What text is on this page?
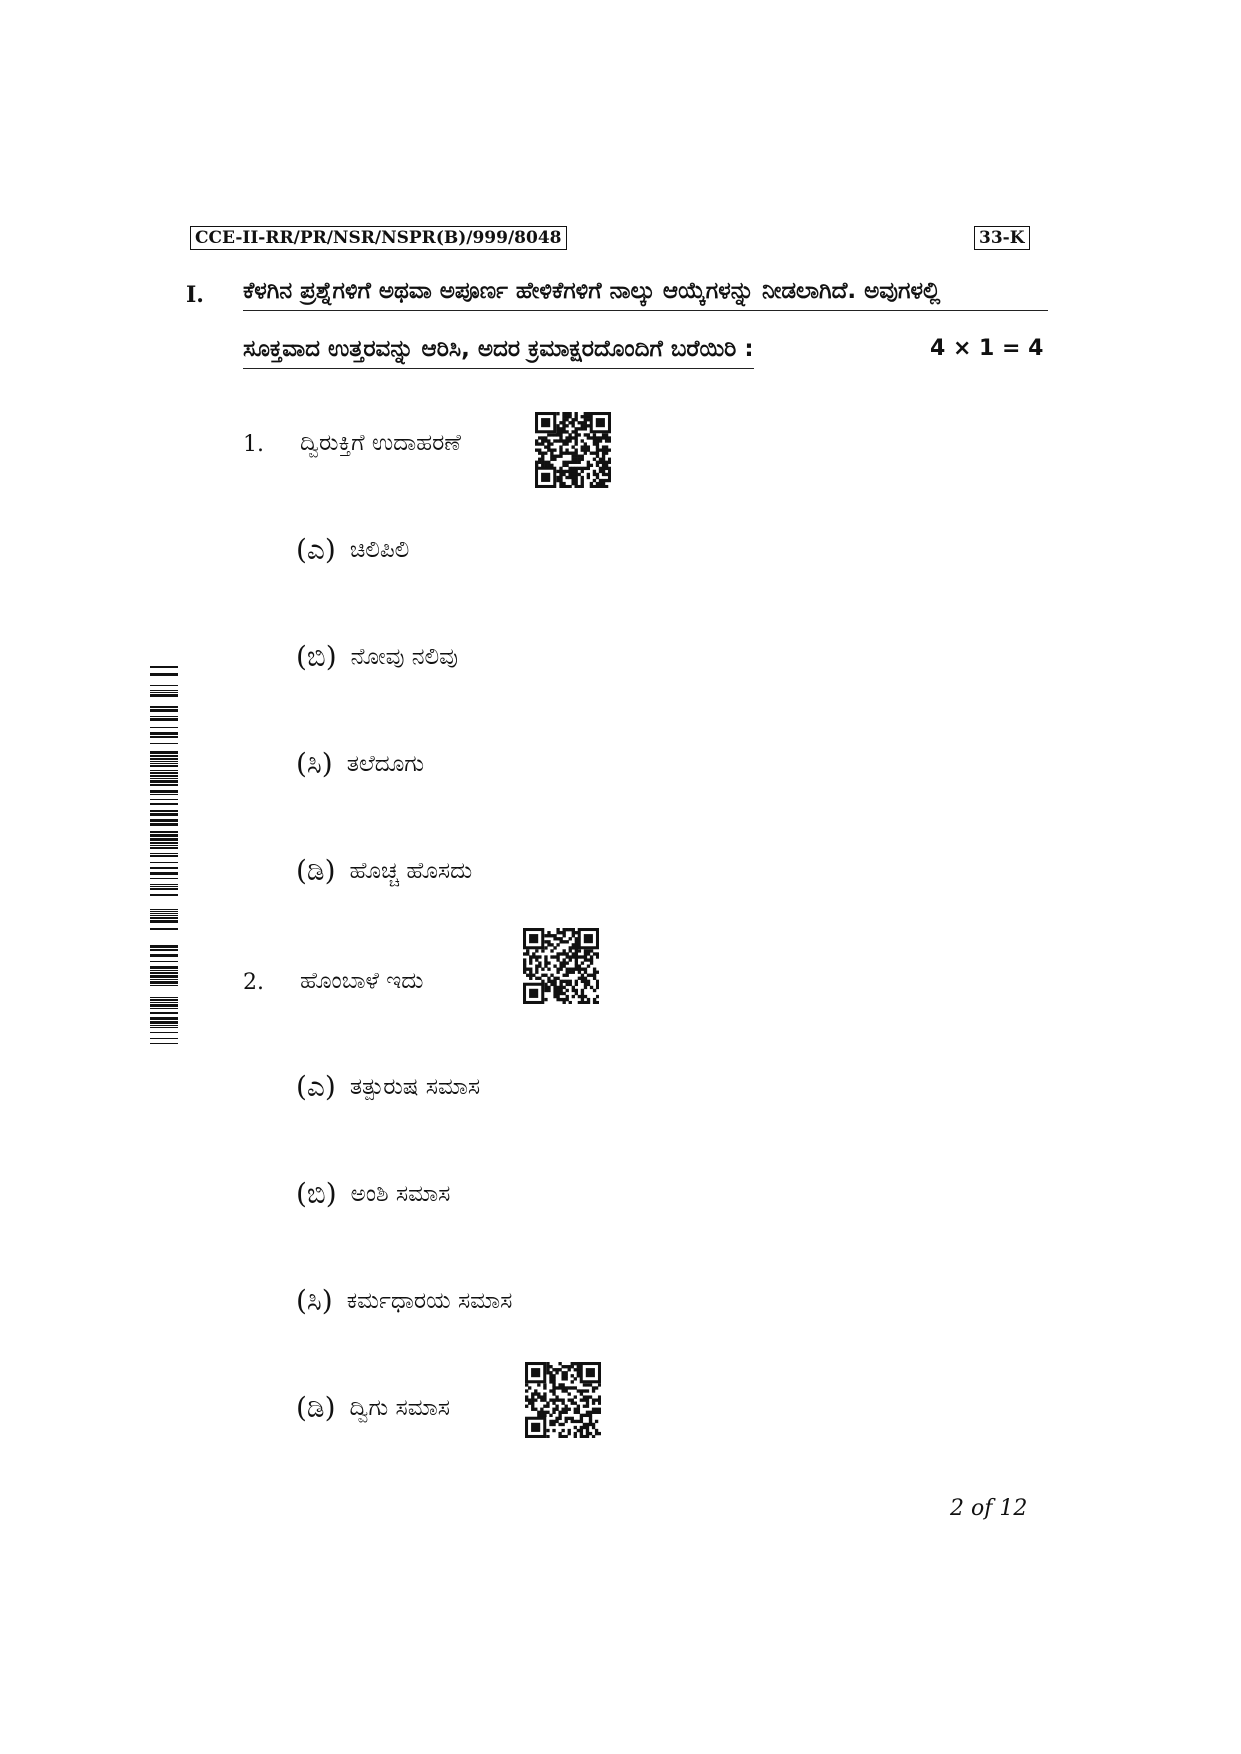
CCE-II-RR/PR/NSR/NSPR(B)/999/8048	33-K
I. ಕೆಳಗಿನ ಪ್ರಶ್ನೆಗಳಿಗೆ ಅಥವಾ ಅಪೂರ್ಣ ಹೇಳಿಕೆಗಳಿಗೆ ನಾಲ್ಕು ಆಯ್ಕೆಗಳನ್ನು ನೀಡಲಾಗಿದೆ. ಅವುಗಳಲ್ಲಿ
ಸೂಕ್ತವಾದ ಉತ್ತರವನ್ನು ಆರಿಸಿ, ಅದರ ಕ್ರಮಾಕ್ಷರದೊಂದಿಗೆ ಬರೆಯಿರಿ :	4 × 1 = 4
1. ದ್ವಿರುಕ್ತಿಗೆ ಉದಾಹರಣೆ
(ಎ) ಚಿಲಿಪಿಲಿ
(ಬಿ) ನೋವು ನಲಿವು
(ಸಿ) ತಲೆದೂಗು
(ಡಿ) ಹೊಚ್ಚ ಹೊಸದು
2. ಹೊಂಬಾಳೆ ಇದು
(ಎ) ತತ್ಪುರುಷ ಸಮಾಸ
(ಬಿ) ಅಂಶಿ ಸಮಾಸ
(ಸಿ) ಕರ್ಮಧಾರಯ ಸಮಾಸ
(ಡಿ) ದ್ವಿಗು ಸಮಾಸ
2 of 12
